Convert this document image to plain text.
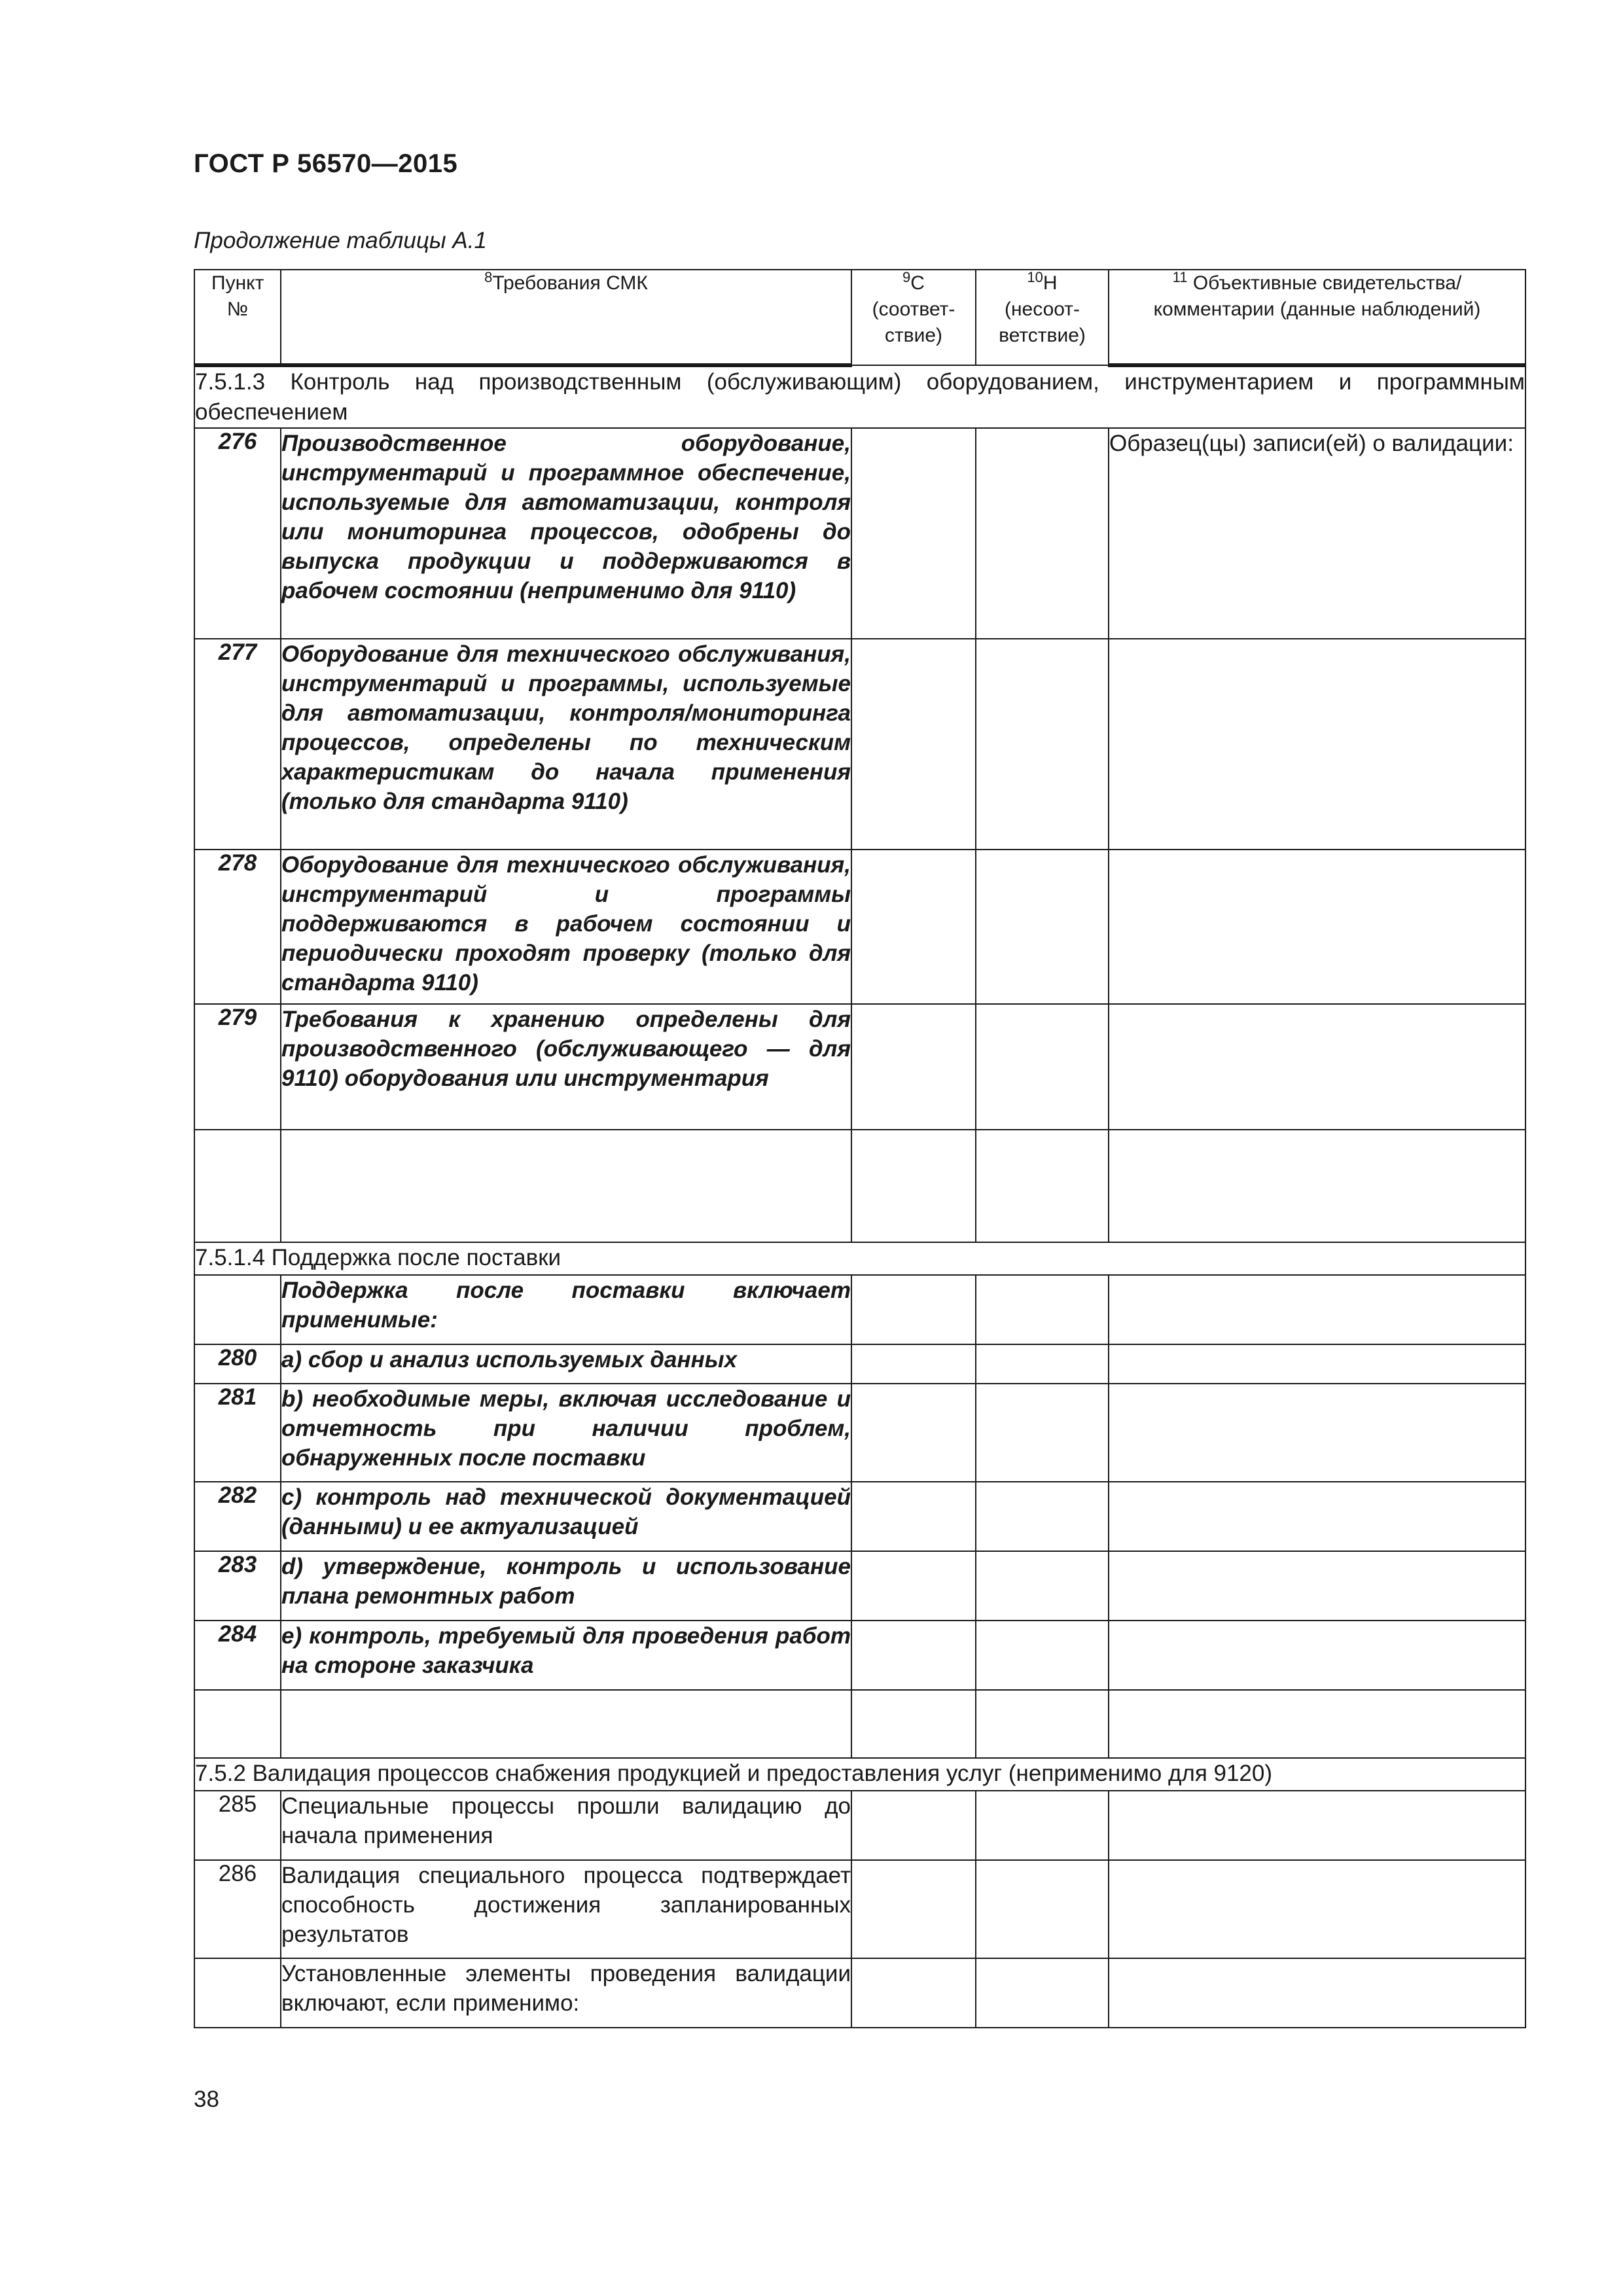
ГОСТ Р 56570—2015
Продолжение таблицы А.1
Пункт №	$^8$Требования СМК	$^9$С (соответ-ствие)	$^{10}$Н (несоот-ветствие)	$^{11}$ Объективные свидетельства/ комментарии (данные наблюдений)
7.5.1.3 Контроль над производственным (обслуживающим) оборудованием, инструментарием и программным обеспечением				
276	Производственное оборудование, инструментарий и программное обеспечение, используемые для автоматизации, контроля или мониторинга процессов, одобрены до выпуска продукции и поддерживаются в рабочем состоянии (неприменимо для 9110)			Образец(цы) записи(ей) о валидации:
277	Оборудование для технического обслуживания, инструментарий и программы, используемые для автоматизации, контроля/мониторинга процессов, определены по техническим характеристикам до начала применения (только для стандарта 9110)			
278	Оборудование для технического обслуживания, инструментарий и программы поддерживаются в рабочем состоянии и периодически проходят проверку (только для стандарта 9110)			
279	Требования к хранению определены для производственного (обслуживающего — для 9110) оборудования или инструментария			

7.5.1.4 Поддержка после поставки				
	Поддержка после поставки включает применимые:			
280	a) сбор и анализ используемых данных			
281	b) необходимые меры, включая исследование и отчетность при наличии проблем, обнаруженных после поставки			
282	c) контроль над технической документацией (данными) и ее актуализацией			
283	d) утверждение, контроль и использование плана ремонтных работ			
284	e) контроль, требуемый для проведения работ на стороне заказчика			

7.5.2 Валидация процессов снабжения продукцией и предоставления услуг (неприменимо для 9120)				
285	Специальные процессы прошли валидацию до начала применения			
286	Валидация специального процесса подтверждает способность достижения запланированных результатов			
	Установленные элементы проведения валидации включают, если применимо:			
38
